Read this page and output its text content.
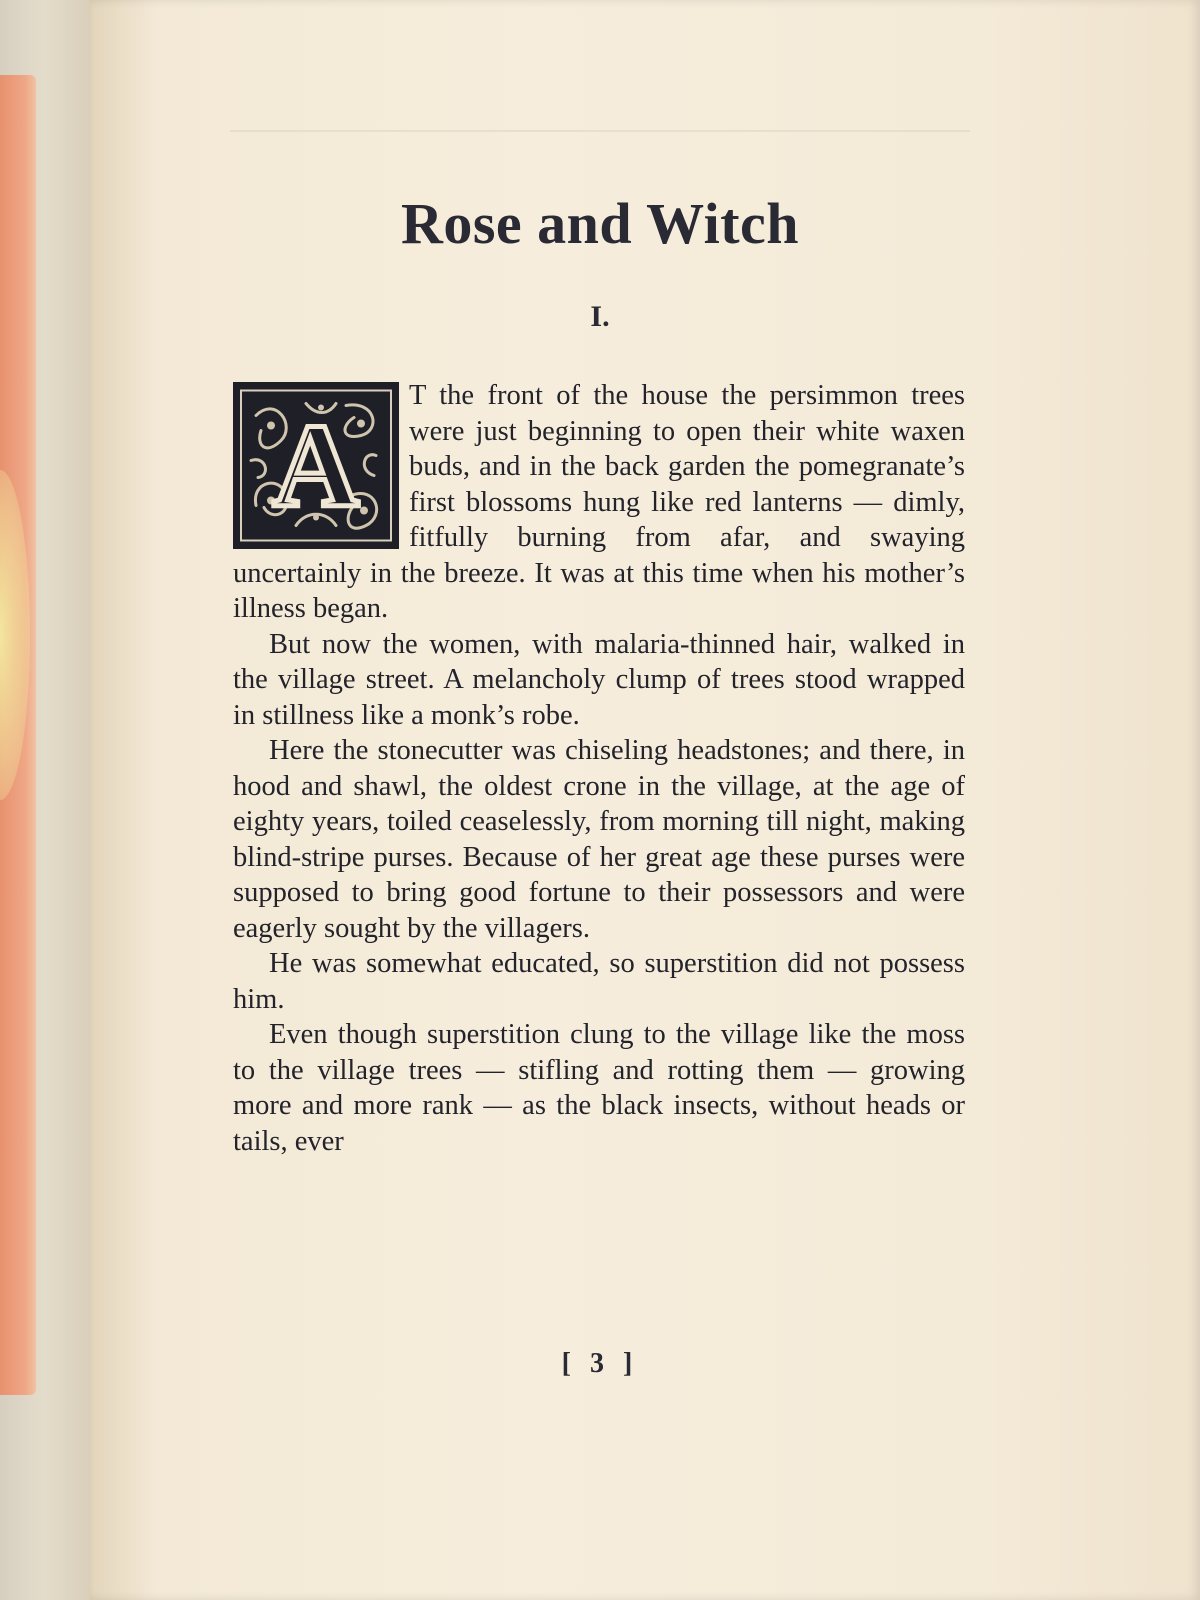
Rose and Witch
I.
A

T the front of the house the persimmon trees were just beginning to open their white waxen buds, and in the back garden the pomegranate’s first blossoms hung like red lanterns — dimly, fitfully burning from afar, and swaying uncertainly in the breeze. It was at this time when his mother’s illness began.

But now the women, with malaria-thinned hair, walked in the village street. A melancholy clump of trees stood wrapped in stillness like a monk’s robe.

Here the stonecutter was chiseling headstones; and there, in hood and shawl, the oldest crone in the village, at the age of eighty years, toiled ceaselessly, from morning till night, making blind-stripe purses. Because of her great age these purses were supposed to bring good fortune to their possessors and were eagerly sought by the villagers.

He was somewhat educated, so superstition did not possess him.

Even though superstition clung to the village like the moss to the village trees — stifling and rotting them — growing more and more rank — as the black insects, without heads or tails, ever

[ 3 ]
